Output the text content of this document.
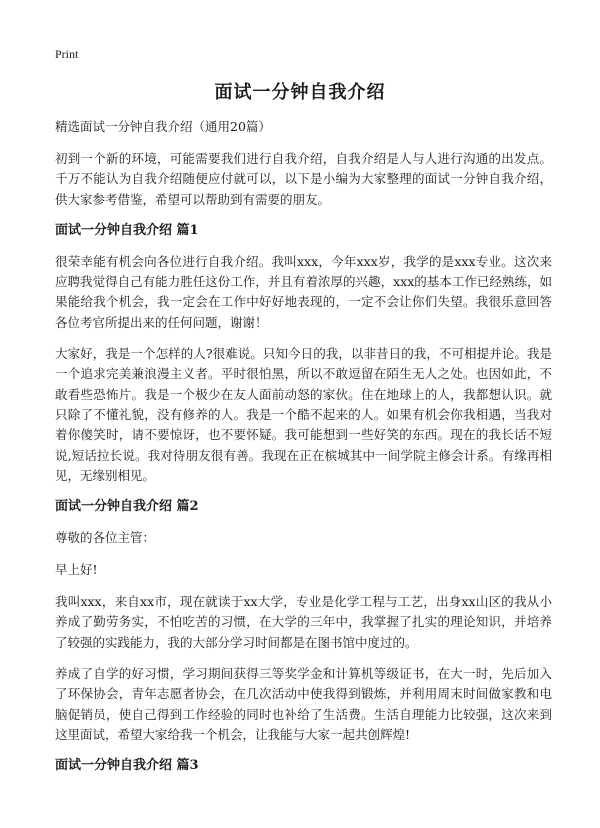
Print
面试一分钟自我介绍
精选面试一分钟自我介绍（通用20篇）

初到一个新的环境，可能需要我们进行自我介绍，自我介绍是人与人进行沟通的出发点。千万不能认为自我介绍随便应付就可以，以下是小编为大家整理的面试一分钟自我介绍，供大家参考借鉴，希望可以帮助到有需要的朋友。

面试一分钟自我介绍 篇1

很荣幸能有机会向各位进行自我介绍。我叫xxx，今年xxx岁，我学的是xxx专业。这次来应聘我觉得自己有能力胜任这份工作，并且有着浓厚的兴趣，xxx的基本工作已经熟练，如果能给我个机会，我一定会在工作中好好地表现的，一定不会让你们失望。我很乐意回答各位考官所提出来的任何问题，谢谢！

大家好，我是一个怎样的人?很难说。只知今日的我，以非昔日的我，不可相提并论。我是一个追求完美兼浪漫主义者。平时很怕黑，所以不敢逗留在陌生无人之处。也因如此，不敢看些恐怖片。我是一个极少在友人面前动怒的家伙。住在地球上的人，我都想认识。就只除了不懂礼貌，没有修养的人。我是一个酷不起来的人。如果有机会你我相遇，当我对着你傻笑时，请不要惊讶，也不要怀疑。我可能想到一些好笑的东西。现在的我长话不短说,短话拉长说。我对待朋友很有善。我现在正在槟城其中一间学院主修会计系。有缘再相见，无缘别相见。

面试一分钟自我介绍 篇2
尊敬的各位主管：
早上好!

我叫xxx，来自xx市，现在就读于xx大学，专业是化学工程与工艺，出身xx山区的我从小养成了勤劳务实，不怕吃苦的习惯，在大学的三年中，我掌握了扎实的理论知识，并培养了较强的实践能力，我的大部分学习时间都是在图书馆中度过的。

养成了自学的好习惯，学习期间获得三等奖学金和计算机等级证书，在大一时，先后加入了环保协会，青年志愿者协会，在几次活动中使我得到锻炼，并利用周末时间做家教和电脑促销员，使自己得到工作经验的同时也补给了生活费。生活自理能力比较强，这次来到这里面试，希望大家给我一个机会，让我能与大家一起共创辉煌!

面试一分钟自我介绍 篇3
